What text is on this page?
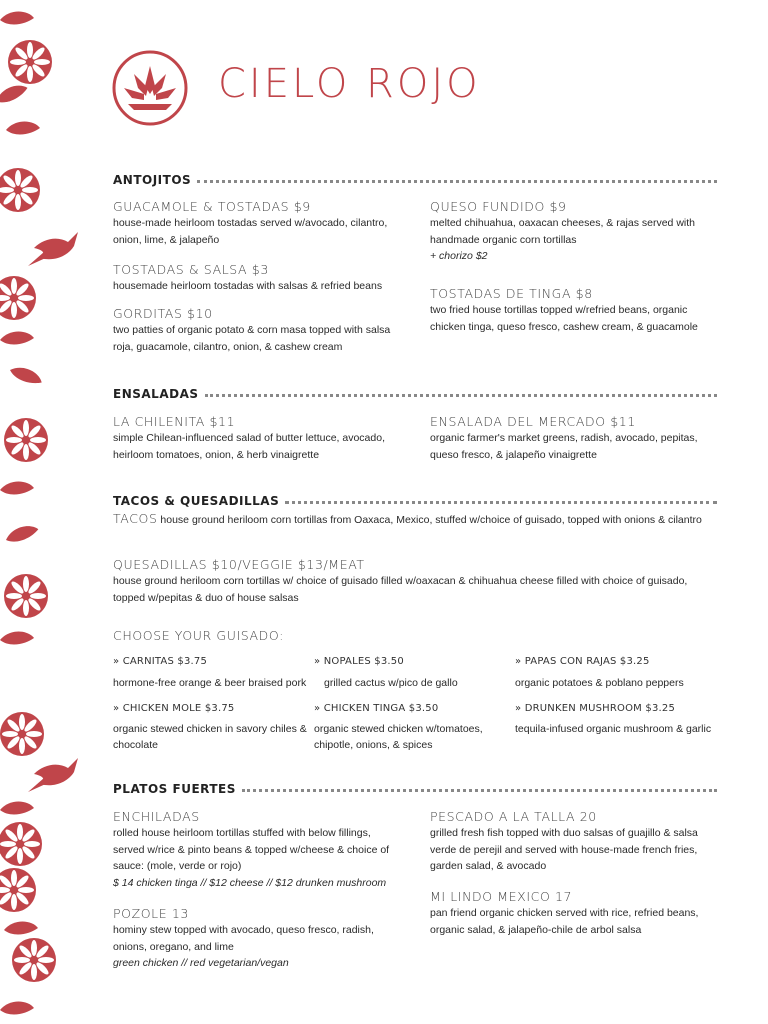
CIELO ROJO
ANTOJITOS
GUACAMOLE & TOSTADAS $9
house-made heirloom tostadas served w/avocado, cilantro, onion, lime, & jalapeño
TOSTADAS & SALSA $3
housemade heirloom tostadas with salsas & refried beans
GORDITAS $10
two patties of organic potato & corn masa topped with salsa roja, guacamole, cilantro, onion, & cashew cream
QUESO FUNDIDO $9
melted chihuahua, oaxacan cheeses, & rajas served with handmade organic corn tortillas
+ chorizo $2
TOSTADAS DE TINGA $8
two fried house tortillas topped w/refried beans, organic chicken tinga, queso fresco, cashew cream, & guacamole
ENSALADAS
LA CHILENITA $11
simple Chilean-influenced salad of butter lettuce, avocado, heirloom tomatoes, onion, & herb vinaigrette
ENSALADA DEL MERCADO $11
organic farmer's market greens, radish, avocado, pepitas, queso fresco, & jalapeño vinaigrette
TACOS & QUESADILLAS
TACOS house ground heriloom corn tortillas from Oaxaca, Mexico, stuffed w/choice of guisado, topped with onions & cilantro
QUESADILLAS $10/VEGGIE $13/MEAT
house ground heriloom corn tortillas w/ choice of guisado filled w/oaxacan & chihuahua cheese filled with choice of guisado, topped w/pepitas & duo of house salsas
CHOOSE YOUR GUISADO:
» CARNITAS $3.75
hormone-free orange & beer braised pork
» NOPALES $3.50
grilled cactus w/pico de gallo
» PAPAS CON RAJAS $3.25
organic potatoes & poblano peppers
» CHICKEN MOLE $3.75
organic stewed chicken in savory chiles & chocolate
» CHICKEN TINGA $3.50
organic stewed chicken w/tomatoes, chipotle, onions, & spices
» DRUNKEN MUSHROOM $3.25
tequila-infused organic mushroom & garlic
PLATOS FUERTES
ENCHILADAS
rolled house heirloom tortillas stuffed with below fillings, served w/rice & pinto beans & topped w/cheese & choice of sauce: (mole, verde or rojo)
$ 14 chicken tinga // $12 cheese // $12 drunken mushroom
POZOLE 13
hominy stew topped with avocado, queso fresco, radish, onions, oregano, and lime
green chicken // red vegetarian/vegan
PESCADO A LA TALLA 20
grilled fresh fish topped with duo salsas of guajillo & salsa verde de perejil and served with house-made french fries, garden salad, & avocado
MI LINDO MEXICO 17
pan friend organic chicken served with rice, refried beans, organic salad, & jalapeño-chile de arbol salsa
